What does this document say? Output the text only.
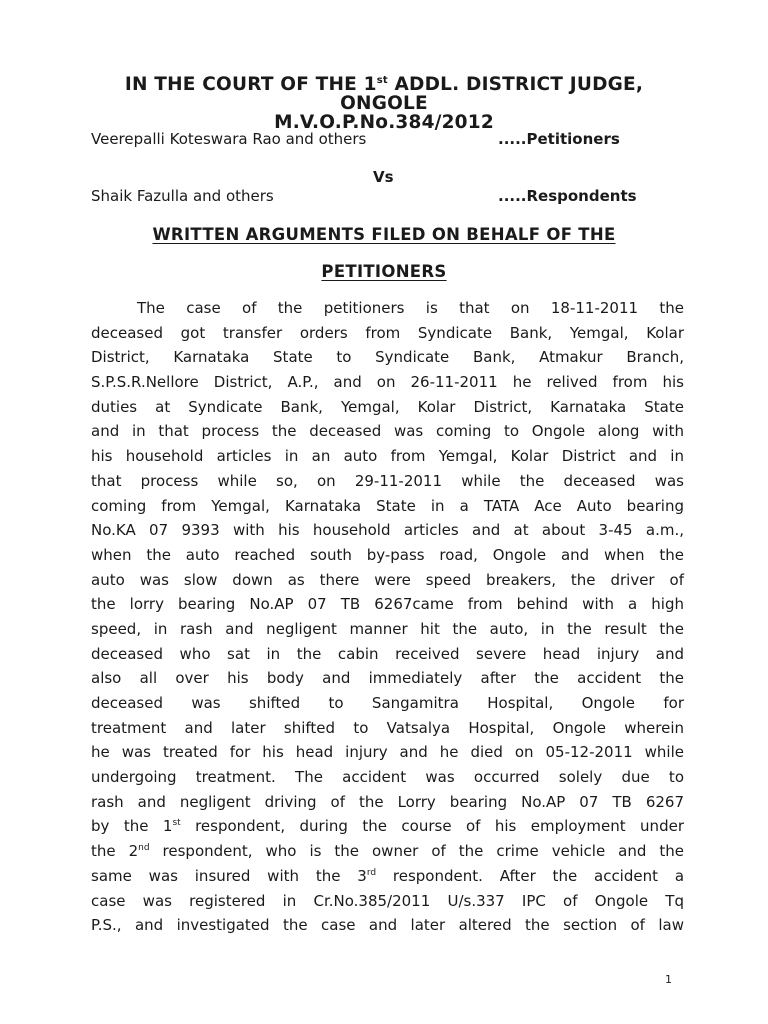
IN THE COURT OF THE 1st ADDL. DISTRICT JUDGE,
ONGOLE
M.V.O.P.No.384/2012
Veerepalli Koteswara Rao and others	.....Petitioners
Vs
Shaik Fazulla and others	.....Respondents
WRITTEN ARGUMENTS FILED ON BEHALF OF THE
PETITIONERS
The case of the petitioners is that on 18-11-2011 the
deceased got transfer orders from Syndicate Bank, Yemgal, Kolar
District, Karnataka State to Syndicate Bank, Atmakur Branch,
S.P.S.R.Nellore District, A.P., and on 26-11-2011 he relived from his
duties at Syndicate Bank, Yemgal, Kolar District, Karnataka State
and in that process the deceased was coming to Ongole along with
his household articles in an auto from Yemgal, Kolar District and in
that process while so, on 29-11-2011 while the deceased was
coming from Yemgal, Karnataka State in a TATA Ace Auto bearing
No.KA 07 9393 with his household articles and at about 3-45 a.m.,
when the auto reached south by-pass road, Ongole and when the
auto was slow down as there were speed breakers, the driver of
the lorry bearing No.AP 07 TB 6267came from behind with a high
speed, in rash and negligent manner hit the auto, in the result the
deceased who sat in the cabin received severe head injury and
also all over his body and immediately after the accident the
deceased was shifted to Sangamitra Hospital, Ongole for
treatment and later shifted to Vatsalya Hospital, Ongole wherein
he was treated for his head injury and he died on 05-12-2011 while
undergoing treatment. The accident was occurred solely due to
rash and negligent driving of the Lorry bearing No.AP 07 TB 6267
by the 1st respondent, during the course of his employment under
the 2nd respondent, who is the owner of the crime vehicle and the
same was insured with the 3rd respondent. After the accident a
case was registered in Cr.No.385/2011 U/s.337 IPC of Ongole Tq
P.S., and investigated the case and later altered the section of law
1
